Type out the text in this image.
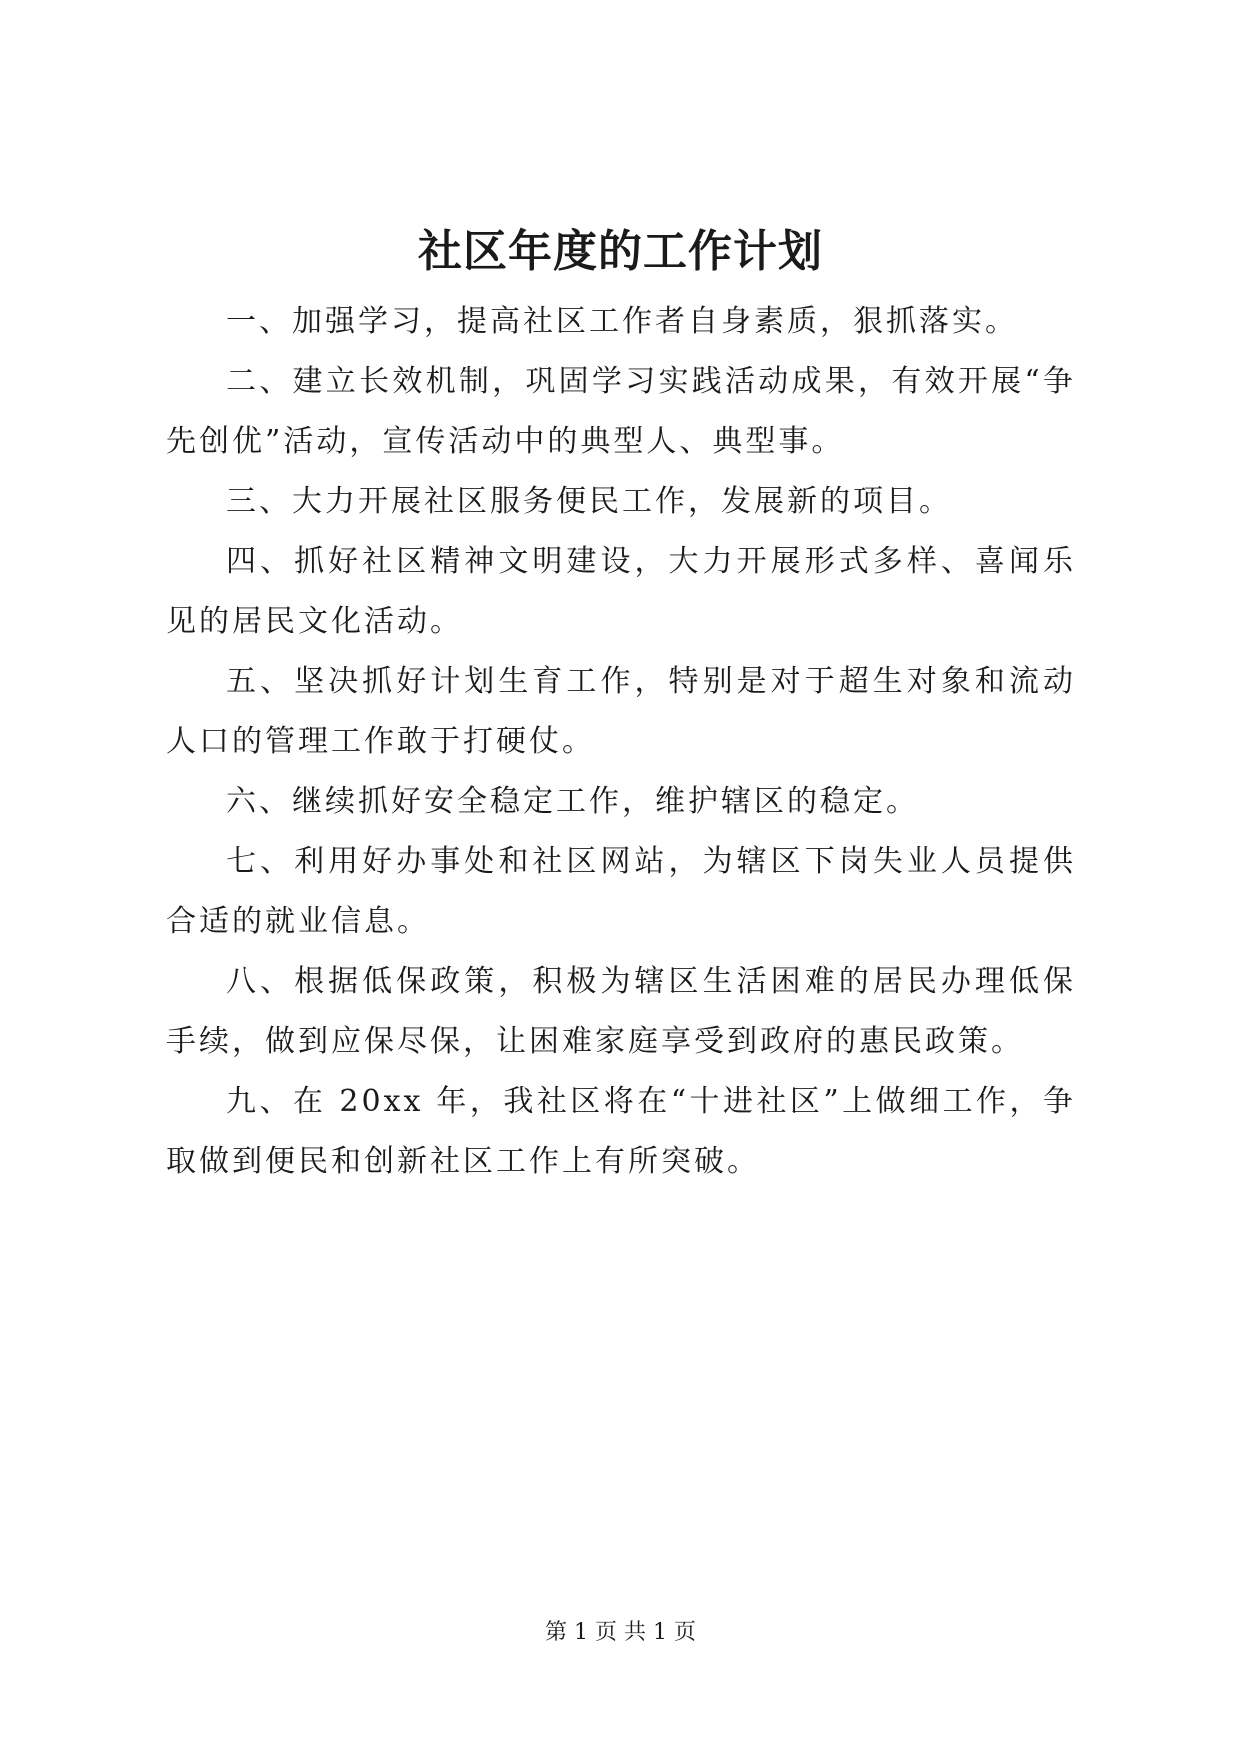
社区年度的工作计划

一、加强学习，提高社区工作者自身素质，狠抓落实。

二、建立长效机制，巩固学习实践活动成果，有效开展“争先创优”活动，宣传活动中的典型人、典型事。

三、大力开展社区服务便民工作，发展新的项目。

四、抓好社区精神文明建设，大力开展形式多样、喜闻乐见的居民文化活动。

五、坚决抓好计划生育工作，特别是对于超生对象和流动人口的管理工作敢于打硬仗。

六、继续抓好安全稳定工作，维护辖区的稳定。

七、利用好办事处和社区网站，为辖区下岗失业人员提供合适的就业信息。

八、根据低保政策，积极为辖区生活困难的居民办理低保手续，做到应保尽保，让困难家庭享受到政府的惠民政策。

九、在 20xx 年，我社区将在“十进社区”上做细工作，争取做到便民和创新社区工作上有所突破。

第 1 页 共 1 页
